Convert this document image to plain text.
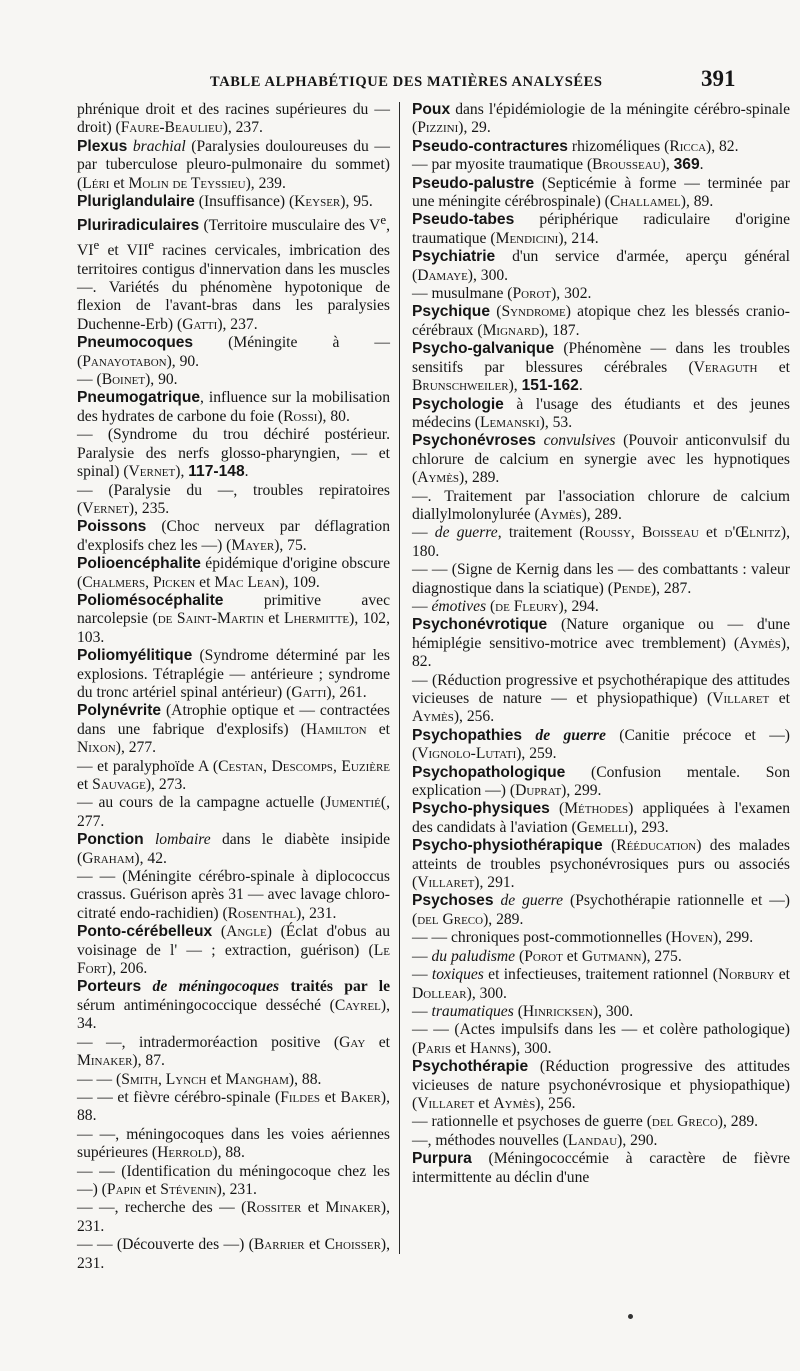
TABLE ALPHABÉTIQUE DES MATIÈRES ANALYSÉES	391

phrénique droit et des racines supérieures du — droit) (Faure-Beaulieu), 237.

Plexus brachial (Paralysies douloureuses du — par tuberculose pleuro-pulmonaire du sommet) (Léri et Molin de Teyssieu), 239.

Pluriglandulaire (Insuffisance) (Keyser), 95.

Pluriradiculaires (Territoire musculaire des Ve, VIe et VIIe racines cervicales, imbrication des territoires contigus d'innervation dans les muscles —. Variétés du phénomène hypotonique de flexion de l'avant-bras dans les paralysies Duchenne-Erb) (Gatti), 237.

Pneumocoques (Méningite à — (Panayotabon), 90.

— (Boinet), 90.

Pneumogatrique, influence sur la mobilisation des hydrates de carbone du foie (Rossi), 80.

— (Syndrome du trou déchiré postérieur. Paralysie des nerfs glosso-pharyngien, — et spinal) (Vernet), 117-148.

— (Paralysie du —, troubles repiratoires (Vernet), 235.

Poissons (Choc nerveux par déflagration d'explosifs chez les —) (Mayer), 75.

Polioencéphalite épidémique d'origine obscure (Chalmers, Picken et Mac Lean), 109.

Poliomésocéphalite primitive avec narcolepsie (de Saint-Martin et Lhermitte), 102, 103.

Poliomyélitique (Syndrome déterminé par les explosions. Tétraplégie — antérieure ; syndrome du tronc artériel spinal antérieur) (Gatti), 261.

Polynévrite (Atrophie optique et — contractées dans une fabrique d'explosifs) (Hamilton et Nixon), 277.

— et paralyphoïde A (Cestan, Descomps, Euzière et Sauvage), 273.

— au cours de la campagne actuelle (Jumentié(, 277.

Ponction lombaire dans le diabète insipide (Graham), 42.

— — (Méningite cérébro-spinale à diplococcus crassus. Guérison après 31 — avec lavage chloro-citraté endo-rachidien) (Rosenthal), 231.

Ponto-cérébelleux (Angle) (Éclat d'obus au voisinage de l' — ; extraction, guérison) (Le Fort), 206.

Porteurs de méningocoques traités par le sérum antiméningococcique desséché (Cayrel), 34.

— —, intradermoréaction positive (Gay et Minaker), 87.

— — (Smith, Lynch et Mangham), 88.

— — et fièvre cérébro-spinale (Fildes et Baker), 88.

— —, méningocoques dans les voies aériennes supérieures (Herrold), 88.

— — (Identification du méningocoque chez les —) (Papin et Stévenin), 231.

— —, recherche des — (Rossiter et Minaker), 231.

— — (Découverte des —) (Barrier et Choisser), 231.

Poux dans l'épidémiologie de la méningite cérébro-spinale (Pizzini), 29.

Pseudo-contractures rhizoméliques (Ricca), 82.

— par myosite traumatique (Brousseau), 369.

Pseudo-palustre (Septicémie à forme — terminée par une méningite cérébrospinale) (Challamel), 89.

Pseudo-tabes périphérique radiculaire d'origine traumatique (Mendicini), 214.

Psychiatrie d'un service d'armée, aperçu général (Damaye), 300.

— musulmane (Porot), 302.

Psychique (Syndrome) atopique chez les blessés cranio-cérébraux (Mignard), 187.

Psycho-galvanique (Phénomène — dans les troubles sensitifs par blessures cérébrales (Veraguth et Brunschweiler), 151-162.

Psychologie à l'usage des étudiants et des jeunes médecins (Lemanski), 53.

Psychonévroses convulsives (Pouvoir anticonvulsif du chlorure de calcium en synergie avec les hypnotiques (Aymès), 289.

—. Traitement par l'association chlorure de calcium diallylmolonylurée (Aymès), 289.

— de guerre, traitement (Roussy, Boisseau et d'Œlnitz), 180.

— — (Signe de Kernig dans les — des combattants : valeur diagnostique dans la sciatique) (Pende), 287.

— émotives (de Fleury), 294.

Psychonévrotique (Nature organique ou — d'une hémiplégie sensitivo-motrice avec tremblement) (Aymès), 82.

— (Réduction progressive et psychothérapique des attitudes vicieuses de nature — et physiopathique) (Villaret et Aymès), 256.

Psychopathies de guerre (Canitie précoce et —) (Vignolo-Lutati), 259.

Psychopathologique (Confusion mentale. Son explication —) (Duprat), 299.

Psycho-physiques (Méthodes) appliquées à l'examen des candidats à l'aviation (Gemelli), 293.

Psycho-physiothérapique (Rééducation) des malades atteints de troubles psychonévrosiques purs ou associés (Villaret), 291.

Psychoses de guerre (Psychothérapie rationnelle et —) (del Greco), 289.

— — chroniques post-commotionnelles (Hoven), 299.

— du paludisme (Porot et Gutmann), 275.

— toxiques et infectieuses, traitement rationnel (Norbury et Dollear), 300.

— traumatiques (Hinricksen), 300.

— — (Actes impulsifs dans les — et colère pathologique) (Paris et Hanns), 300.

Psychothérapie (Réduction progressive des attitudes vicieuses de nature psychonévrosique et physiopathique) (Villaret et Aymès), 256.

— rationnelle et psychoses de guerre (del Greco), 289.

—, méthodes nouvelles (Landau), 290.

Purpura (Méningococcémie à caractère de fièvre intermittente au déclin d'une
